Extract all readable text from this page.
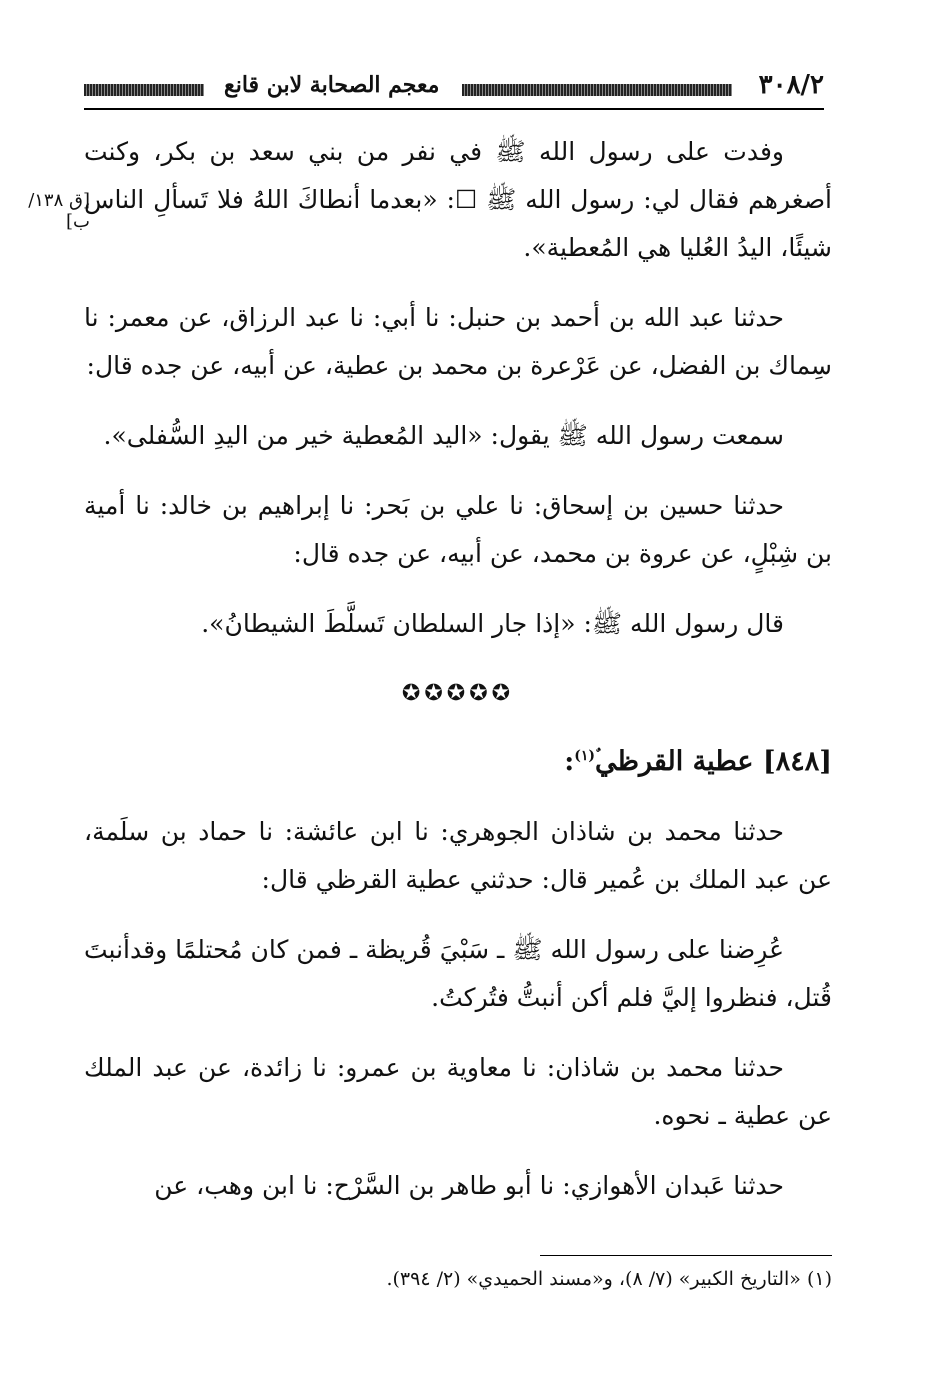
٣٠٨/٢
معجم الصحابة لابن قانع
[ق ١٣٨/ ب]

وفدت على رسول الله ﷺ في نفر من بني سعد بن بكر، وكنت أصغرهم فقال لي: رسول الله ﷺ ☐: «بعدما أنطاكَ اللهُ فلا تَسألِ الناس شيئًا، اليدُ العُليا هي المُعطية».

حدثنا عبد الله بن أحمد بن حنبل: نا أبي: نا عبد الرزاق، عن معمر: نا سِماك بن الفضل، عن عَرْعرة بن محمد بن عطية، عن أبيه، عن جده قال:

سمعت رسول الله ﷺ يقول: «اليد المُعطية خير من اليدِ السُّفلى».

حدثنا حسين بن إسحاق: نا علي بن بَحر: نا إبراهيم بن خالد: نا أمية بن شِبْلٍ، عن عروة بن محمد، عن أبيه، عن جده قال:

قال رسول الله ﷺ: «إذا جار السلطان تَسلَّطَ الشيطانُ».

✪✪✪✪✪
[٨٤٨] عطية القرظي$^{ٌ(١)}$:

حدثنا محمد بن شاذان الجوهري: نا ابن عائشة: نا حماد بن سلَمة، عن عبد الملك بن عُمير قال: حدثني عطية القرظي قال:

عُرِضنا على رسول الله ﷺ ـ سَبْيَ قُريظة ـ فمن كان مُحتلمًا وقدأنبتَ قُتل، فنظروا إليَّ فلم أكن أنبتُّ فتُركتُ.

حدثنا محمد بن شاذان: نا معاوية بن عمرو: نا زائدة، عن عبد الملك عن عطية ـ نحوه.

حدثنا عَبدان الأهوازي: نا أبو طاهر بن السَّرْح: نا ابن وهب، عن

(١) «التاريخ الكبير» (٧/ ٨)، و«مسند الحميدي» (٢/ ٣٩٤).
